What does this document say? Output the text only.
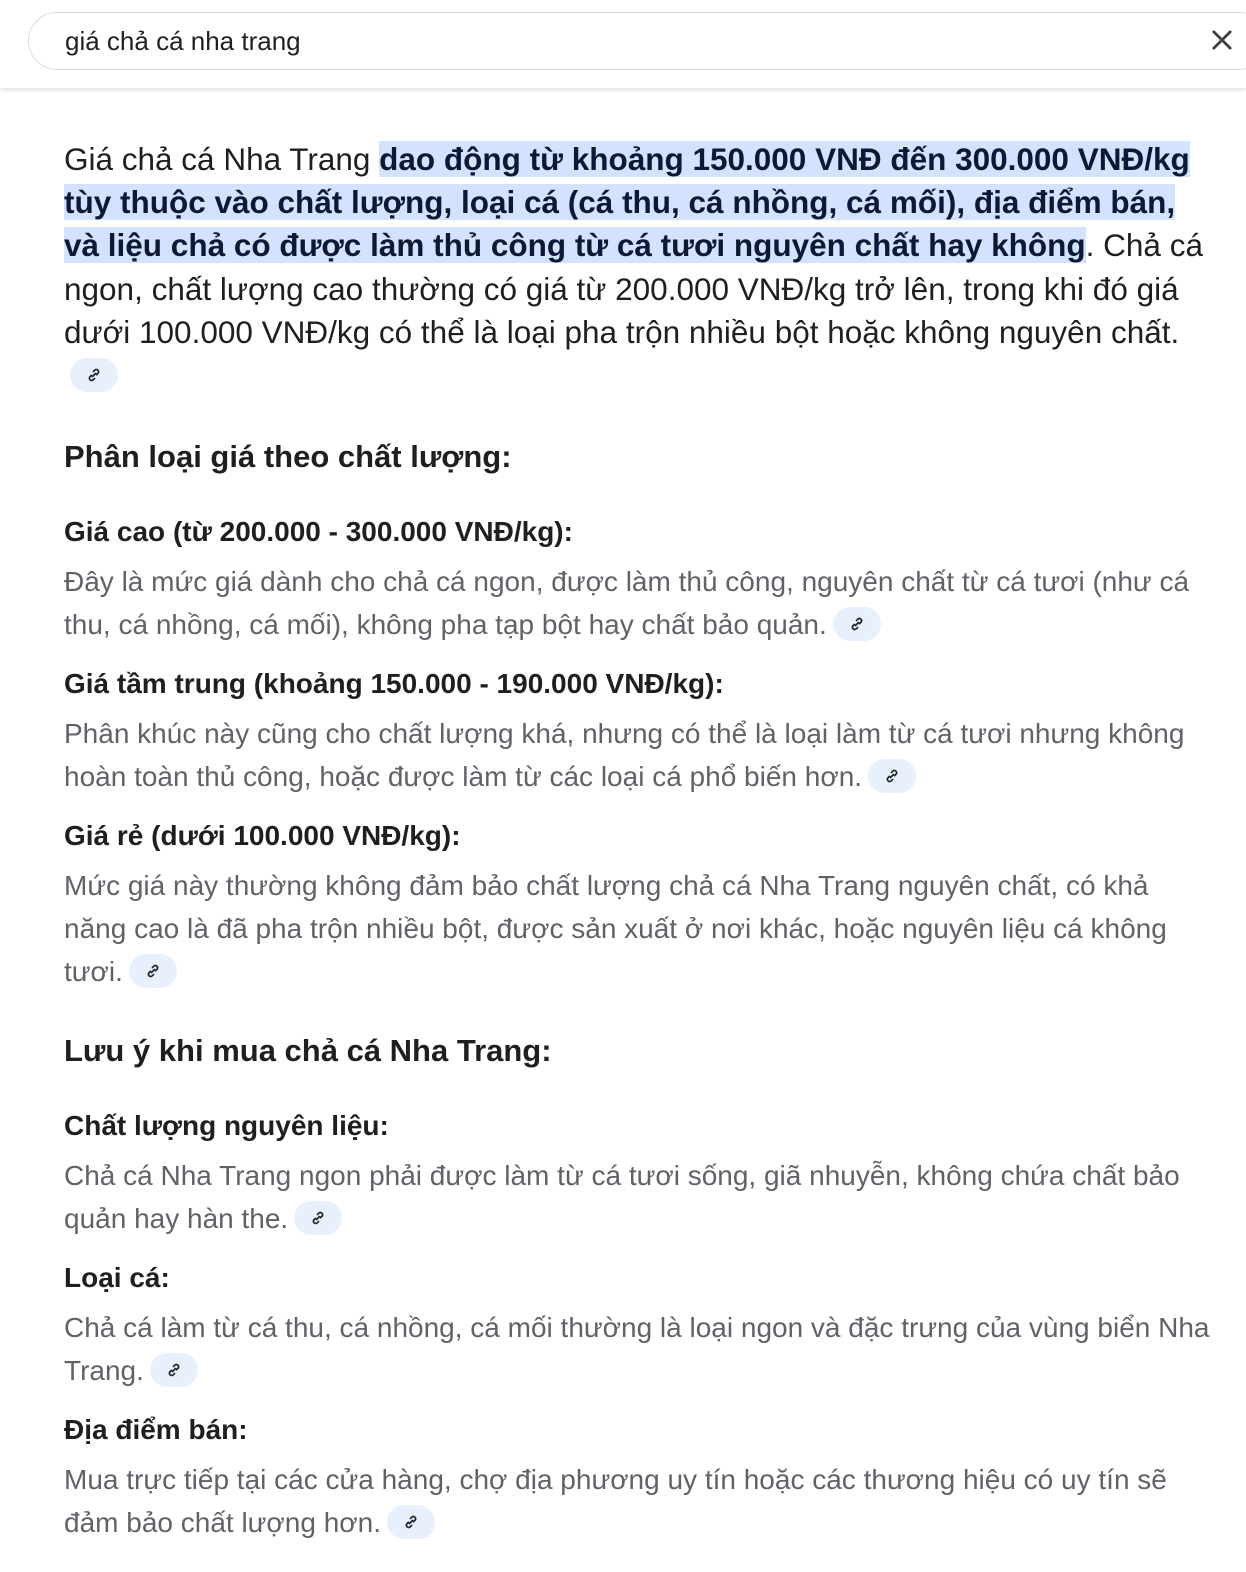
giá chả cá nha trang

Giá chả cá Nha Trang dao động từ khoảng 150.000 VNĐ đến 300.000 VNĐ/kg tùy thuộc vào chất lượng, loại cá (cá thu, cá nhồng, cá mối), địa điểm bán, và liệu chả có được làm thủ công từ cá tươi nguyên chất hay không. Chả cá ngon, chất lượng cao thường có giá từ 200.000 VNĐ/kg trở lên, trong khi đó giá dưới 100.000 VNĐ/kg có thể là loại pha trộn nhiều bột hoặc không nguyên chất.

Phân loại giá theo chất lượng:
Giá cao (từ 200.000 - 300.000 VNĐ/kg):

Đây là mức giá dành cho chả cá ngon, được làm thủ công, nguyên chất từ cá tươi (như cá thu, cá nhồng, cá mối), không pha tạp bột hay chất bảo quản.

Giá tầm trung (khoảng 150.000 - 190.000 VNĐ/kg):

Phân khúc này cũng cho chất lượng khá, nhưng có thể là loại làm từ cá tươi nhưng không hoàn toàn thủ công, hoặc được làm từ các loại cá phổ biến hơn.

Giá rẻ (dưới 100.000 VNĐ/kg):

Mức giá này thường không đảm bảo chất lượng chả cá Nha Trang nguyên chất, có khả năng cao là đã pha trộn nhiều bột, được sản xuất ở nơi khác, hoặc nguyên liệu cá không tươi.

Lưu ý khi mua chả cá Nha Trang:
Chất lượng nguyên liệu:

Chả cá Nha Trang ngon phải được làm từ cá tươi sống, giã nhuyễn, không chứa chất bảo quản hay hàn the.

Loại cá:

Chả cá làm từ cá thu, cá nhồng, cá mối thường là loại ngon và đặc trưng của vùng biển Nha Trang.

Địa điểm bán:

Mua trực tiếp tại các cửa hàng, chợ địa phương uy tín hoặc các thương hiệu có uy tín sẽ đảm bảo chất lượng hơn.
